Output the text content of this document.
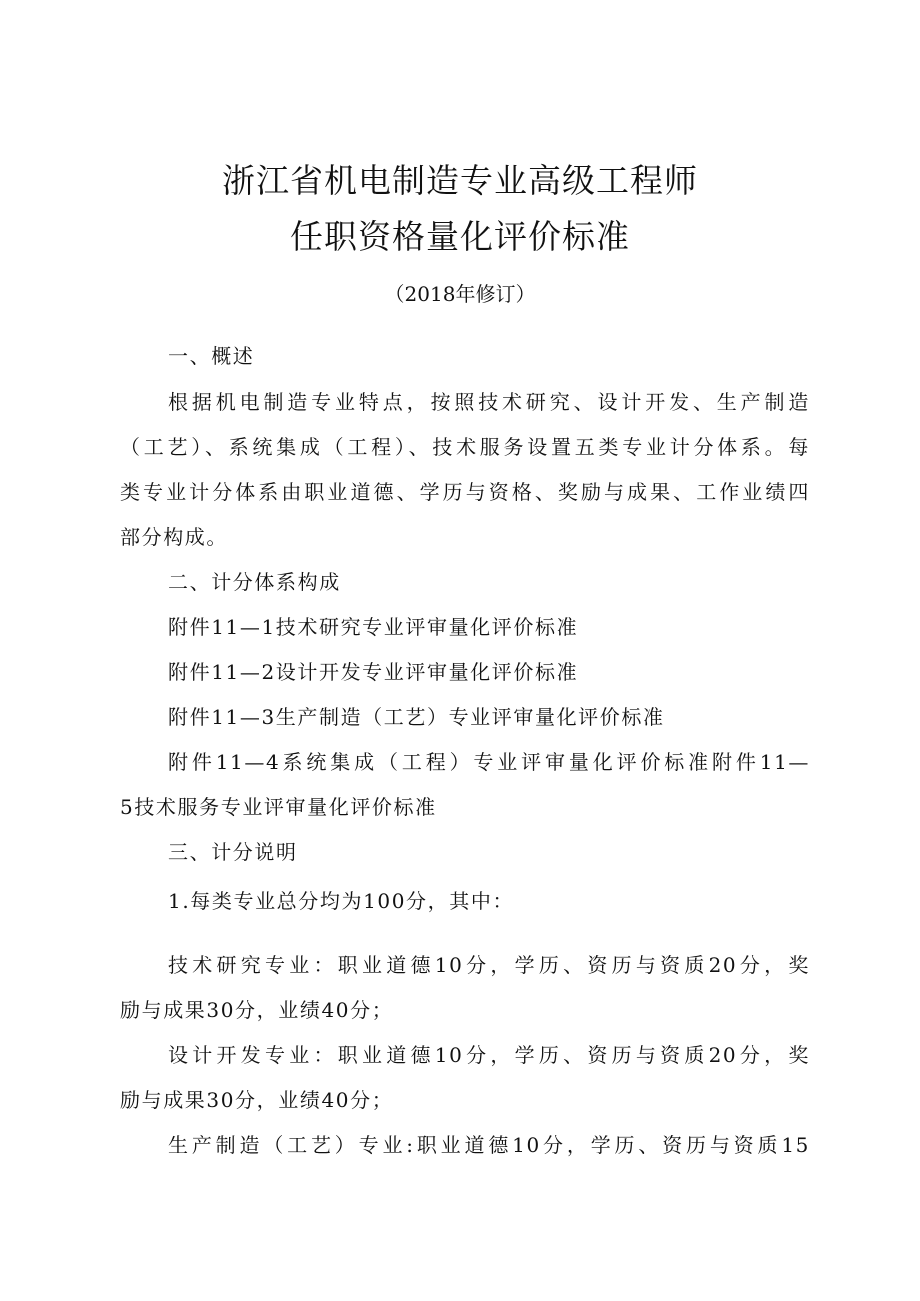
浙江省机电制造专业高级工程师
任职资格量化评价标准
（2018年修订）
一、概述
根据机电制造专业特点，按照技术研究、设计开发、生产制造
（工艺）、系统集成（工程）、技术服务设置五类专业计分体系。每
类专业计分体系由职业道德、学历与资格、奖励与成果、工作业绩四
部分构成。
二、计分体系构成
附件11—1技术研究专业评审量化评价标准
附件11—2设计开发专业评审量化评价标准
附件11—3生产制造（工艺）专业评审量化评价标准
附件11—4系统集成（工程）专业评审量化评价标准附件11—
5技术服务专业评审量化评价标准
三、计分说明
1.每类专业总分均为100分，其中：
技术研究专业：职业道德10分，学历、资历与资质20分，奖
励与成果30分，业绩40分；
设计开发专业：职业道德10分，学历、资历与资质20分，奖
励与成果30分，业绩40分；
生产制造（工艺）专业:职业道德10分，学历、资历与资质15
